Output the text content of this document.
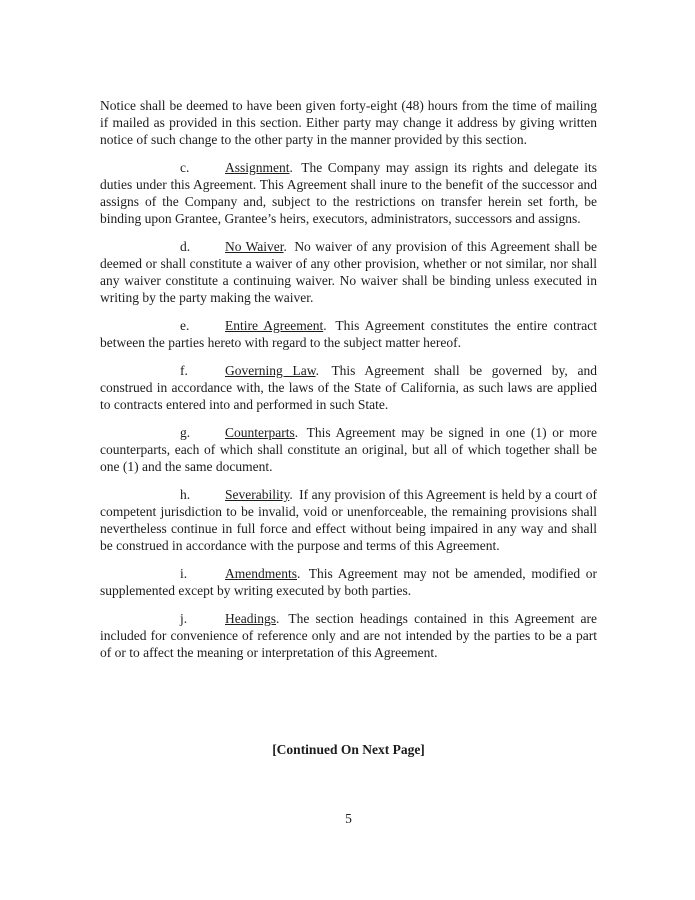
Notice shall be deemed to have been given forty-eight (48) hours from the time of mailing if mailed as provided in this section. Either party may change it address by giving written notice of such change to the other party in the manner provided by this section.

c.	Assignment. The Company may assign its rights and delegate its duties under this Agreement. This Agreement shall inure to the benefit of the successor and assigns of the Company and, subject to the restrictions on transfer herein set forth, be binding upon Grantee, Grantee’s heirs, executors, administrators, successors and assigns.

d.	No Waiver. No waiver of any provision of this Agreement shall be deemed or shall constitute a waiver of any other provision, whether or not similar, nor shall any waiver constitute a continuing waiver. No waiver shall be binding unless executed in writing by the party making the waiver.

e.	Entire Agreement. This Agreement constitutes the entire contract between the parties hereto with regard to the subject matter hereof.

f.	Governing Law. This Agreement shall be governed by, and construed in accordance with, the laws of the State of California, as such laws are applied to contracts entered into and performed in such State.

g.	Counterparts. This Agreement may be signed in one (1) or more counterparts, each of which shall constitute an original, but all of which together shall be one (1) and the same document.

h.	Severability. If any provision of this Agreement is held by a court of competent jurisdiction to be invalid, void or unenforceable, the remaining provisions shall nevertheless continue in full force and effect without being impaired in any way and shall be construed in accordance with the purpose and terms of this Agreement.

i.	Amendments. This Agreement may not be amended, modified or supplemented except by writing executed by both parties.

j.	Headings. The section headings contained in this Agreement are included for convenience of reference only and are not intended by the parties to be a part of or to affect the meaning or interpretation of this Agreement.

[Continued On Next Page]

5
